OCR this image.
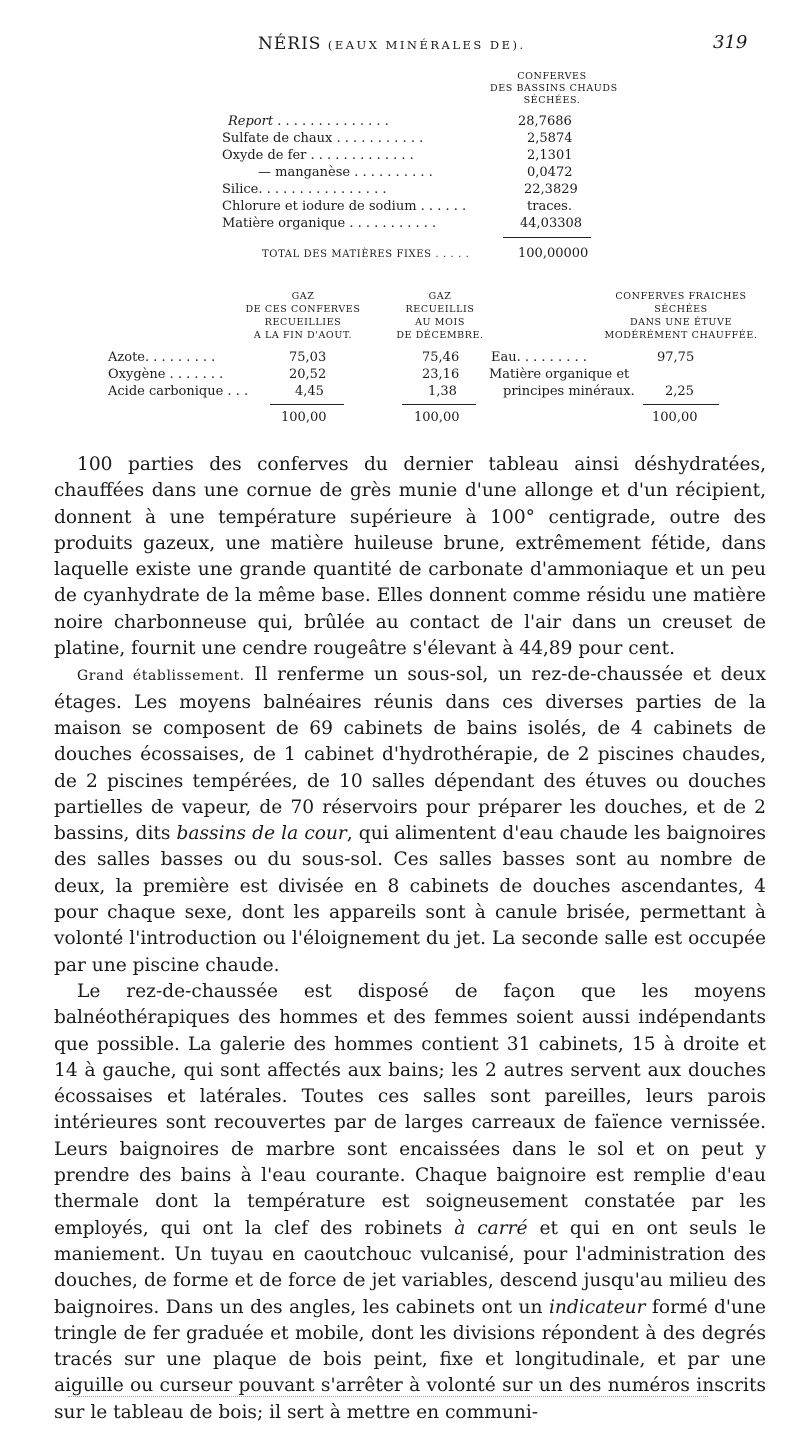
NÉRIS (EAUX MINÉRALES DE).	319
CONFERVES
DES BASSINS CHAUDS
SÉCHÉES.
Report . . . . . . . . . . . . . .	28,7686
Sulfate de chaux . . . . . . . . . . .	2,5874
Oxyde de fer . . . . . . . . . . . . .	2,1301
— manganèse . . . . . . . . . .	0,0472
Silice. . . . . . . . . . . . . . . .	22,3829
Chlorure et iodure de sodium . . . . . .	traces.
Matière organique . . . . . . . . . . .	44,03308
TOTAL DES MATIÈRES FIXES . . . . .	100,00000
GAZ
DE CES CONFERVES
RECUEILLIES
A LA FIN D'AOUT.
GAZ
RECUEILLIS
AU MOIS
DE DÉCEMBRE.
CONFERVES FRAICHES
SÉCHÉES
DANS UNE ÉTUVE
MODÉRÉMENT CHAUFFÉE.
Azote. . . . . . . . .	75,03	75,46 Eau. . . . . . . . .	97,75
Oxygène . . . . . . .	20,52	23,16 Matière organique et
Acide carbonique . . .	4,45	1,38	principes minéraux. 2,25
100,00	100,00	100,00

100 parties des conferves du dernier tableau ainsi déshydratées, chauffées dans une cornue de grès munie d'une allonge et d'un récipient, donnent à une température supérieure à 100° centigrade, outre des produits gazeux, une matière huileuse brune, extrêmement fétide, dans laquelle existe une grande quantité de carbonate d'ammoniaque et un peu de cyanhydrate de la même base. Elles donnent comme résidu une matière noire charbonneuse qui, brûlée au contact de l'air dans un creuset de platine, fournit une cendre rougeâtre s'élevant à 44,89 pour cent.

Grand établissement. Il renferme un sous-sol, un rez-de-chaussée et deux étages. Les moyens balnéaires réunis dans ces diverses parties de la maison se composent de 69 cabinets de bains isolés, de 4 cabinets de douches écossaises, de 1 cabinet d'hydrothérapie, de 2 piscines chaudes, de 2 piscines tempérées, de 10 salles dépendant des étuves ou douches partielles de vapeur, de 70 réservoirs pour préparer les douches, et de 2 bassins, dits bassins de la cour, qui alimentent d'eau chaude les baignoires des salles basses ou du sous-sol. Ces salles basses sont au nombre de deux, la première est divisée en 8 cabinets de douches ascendantes, 4 pour chaque sexe, dont les appareils sont à canule brisée, permettant à volonté l'introduction ou l'éloignement du jet. La seconde salle est occupée par une piscine chaude.

Le rez-de-chaussée est disposé de façon que les moyens balnéothérapiques des hommes et des femmes soient aussi indépendants que possible. La galerie des hommes contient 31 cabinets, 15 à droite et 14 à gauche, qui sont affectés aux bains; les 2 autres servent aux douches écossaises et latérales. Toutes ces salles sont pareilles, leurs parois intérieures sont recouvertes par de larges carreaux de faïence vernissée. Leurs baignoires de marbre sont encaissées dans le sol et on peut y prendre des bains à l'eau courante. Chaque baignoire est remplie d'eau thermale dont la température est soigneusement constatée par les employés, qui ont la clef des robinets à carré et qui en ont seuls le maniement. Un tuyau en caoutchouc vulcanisé, pour l'administration des douches, de forme et de force de jet variables, descend jusqu'au milieu des baignoires. Dans un des angles, les cabinets ont un indicateur formé d'une tringle de fer graduée et mobile, dont les divisions répondent à des degrés tracés sur une plaque de bois peint, fixe et longitudinale, et par une aiguille ou curseur pouvant s'arrêter à volonté sur un des numéros inscrits sur le tableau de bois; il sert à mettre en communi-
